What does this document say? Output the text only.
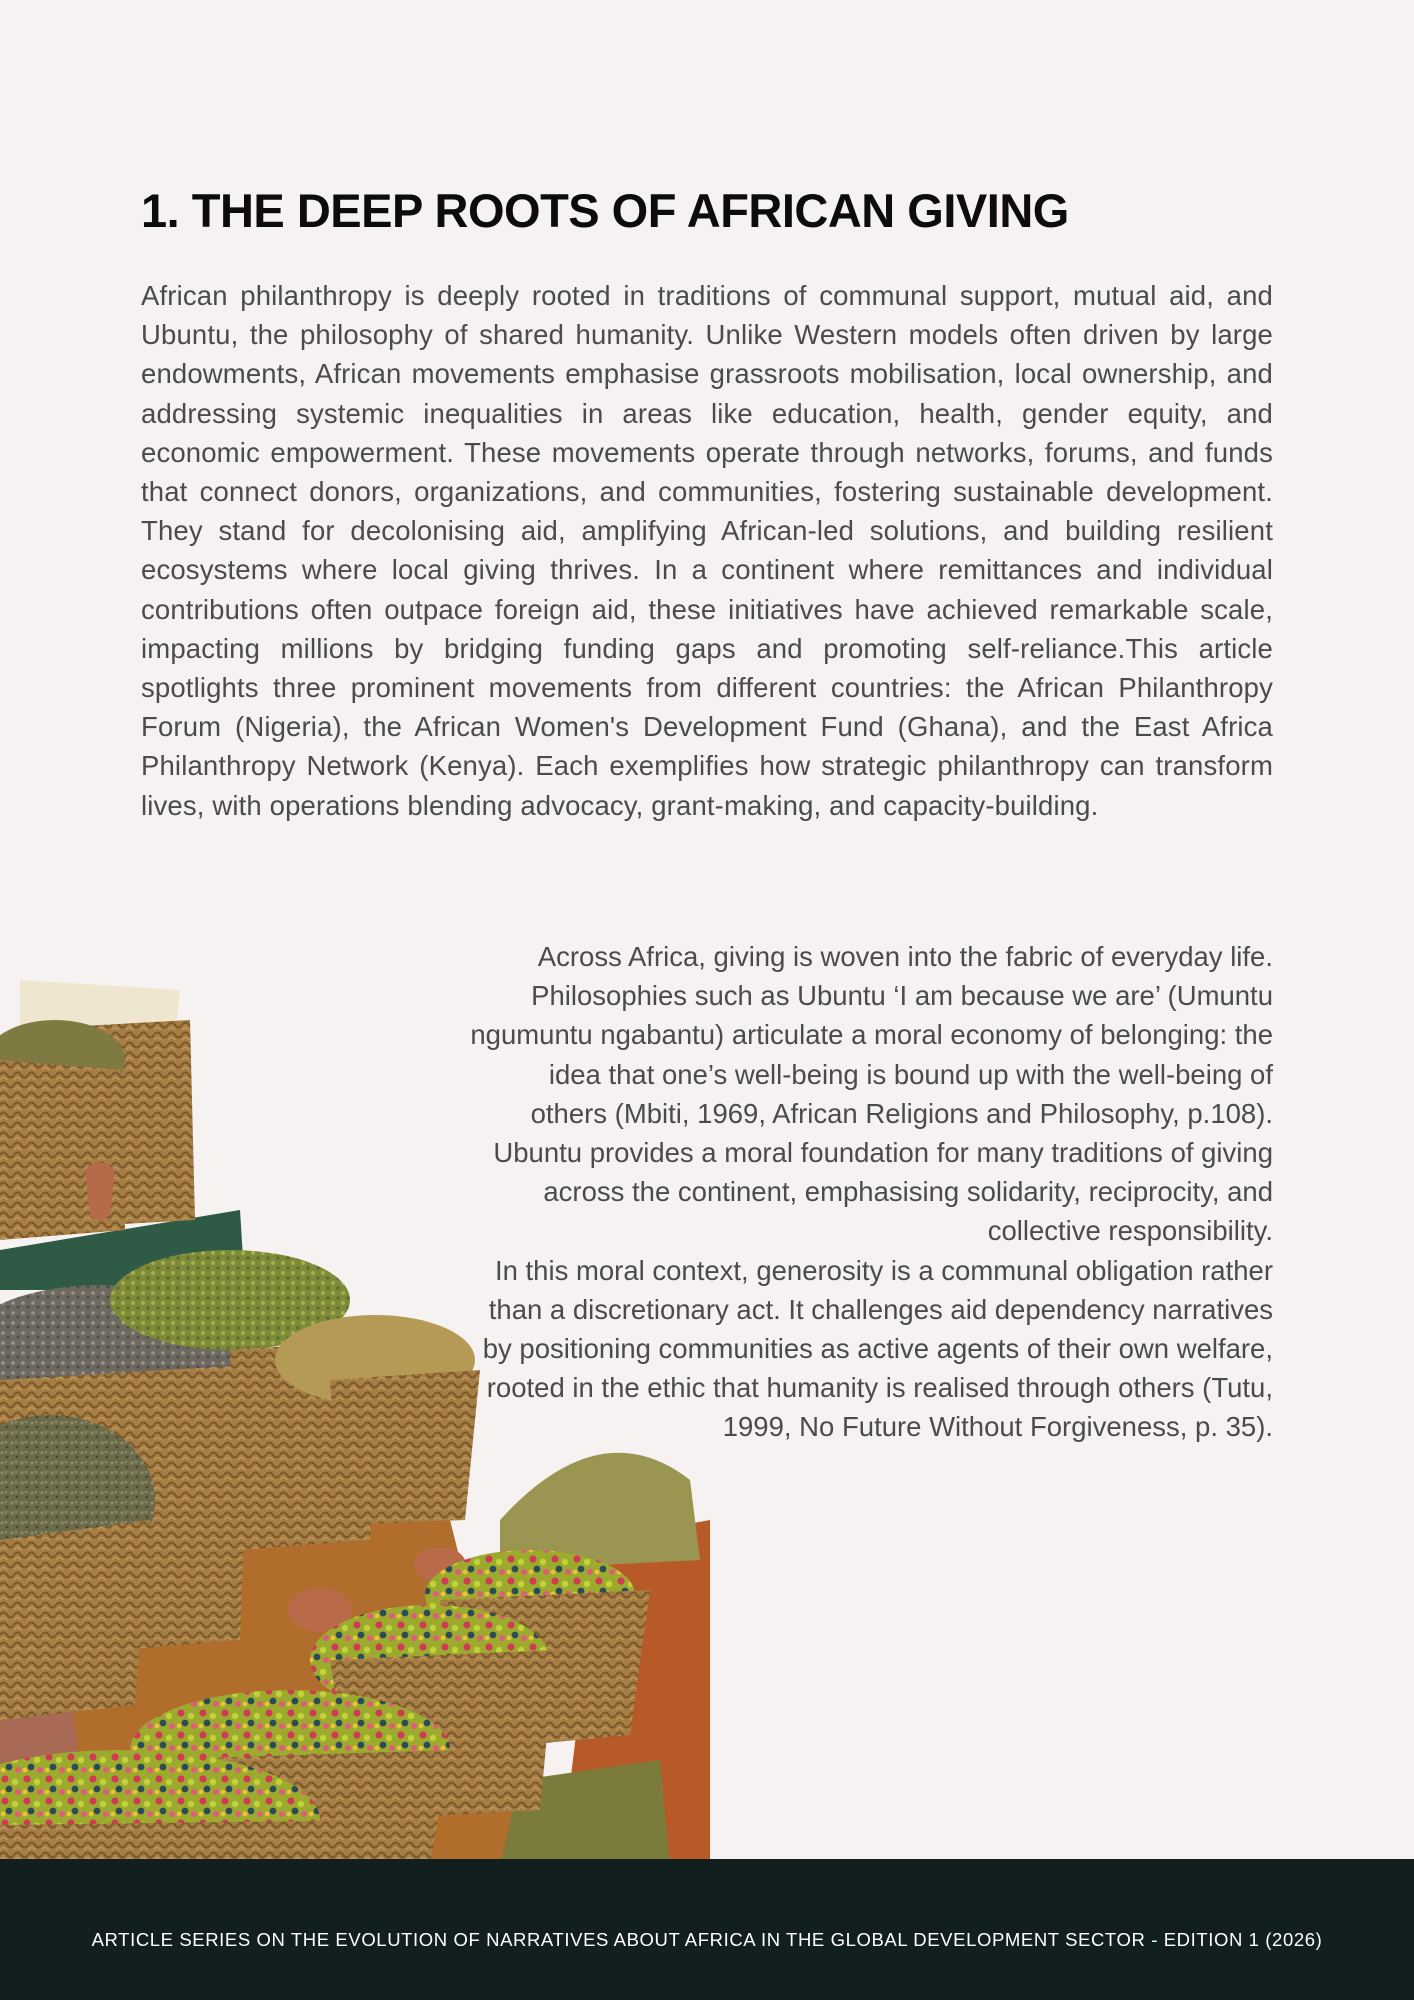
1. THE DEEP ROOTS OF AFRICAN GIVING

African philanthropy is deeply rooted in traditions of communal support, mutual aid, and Ubuntu, the philosophy of shared humanity. Unlike Western models often driven by large endowments, African movements emphasise grassroots mobilisation, local ownership, and addressing systemic inequalities in areas like education, health, gender equity, and economic empowerment. These movements operate through networks, forums, and funds that connect donors, organizations, and communities, fostering sustainable development. They stand for decolonising aid, amplifying African-led solutions, and building resilient ecosystems where local giving thrives. In a continent where remittances and individual contributions often outpace foreign aid, these initiatives have achieved remarkable scale, impacting millions by bridging funding gaps and promoting self-reliance.This article spotlights three prominent movements from different countries: the African Philanthropy Forum (Nigeria), the African Women's Development Fund (Ghana), and the East Africa Philanthropy Network (Kenya). Each exemplifies how strategic philanthropy can transform lives, with operations blending advocacy, grant-making, and capacity-building.

Across Africa, giving is woven into the fabric of everyday life. Philosophies such as Ubuntu ‘I am because we are’ (Umuntu ngumuntu ngabantu) articulate a moral economy of belonging: the idea that one’s well-being is bound up with the well-being of others (Mbiti, 1969, African Religions and Philosophy, p.108). Ubuntu provides a moral foundation for many traditions of giving across the continent, emphasising solidarity, reciprocity, and collective responsibility.
In this moral context, generosity is a communal obligation rather than a discretionary act. It challenges aid dependency narratives by positioning communities as active agents of their own welfare, rooted in the ethic that humanity is realised through others (Tutu, 1999, No Future Without Forgiveness, p. 35).

ARTICLE SERIES ON THE EVOLUTION OF NARRATIVES ABOUT AFRICA IN THE GLOBAL DEVELOPMENT SECTOR - EDITION 1 (2026)
